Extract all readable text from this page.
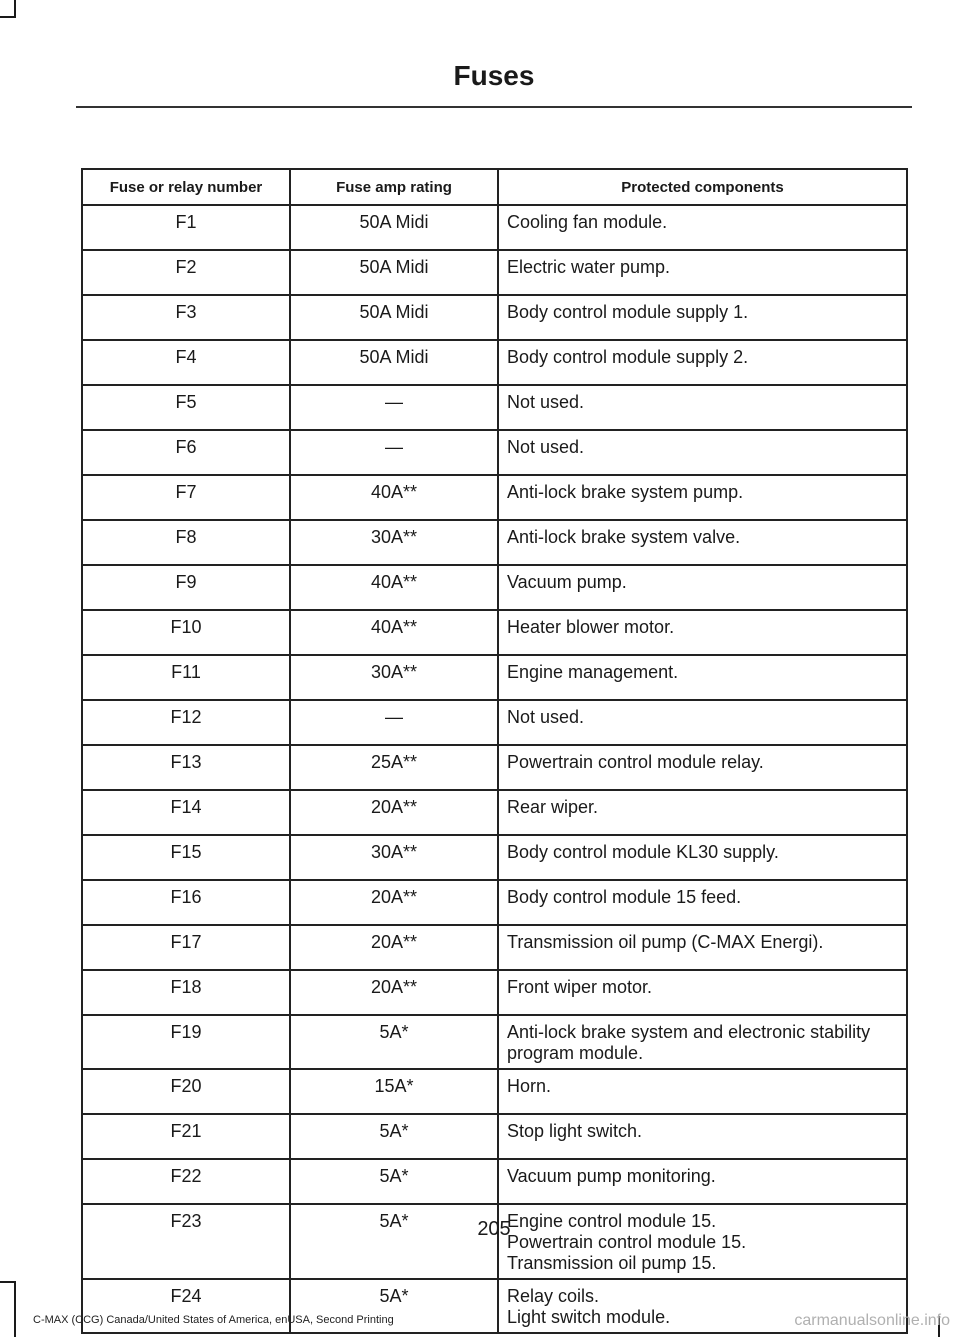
Fuses
Fuse or relay number	Fuse amp rating	Protected components
F1	50A Midi	Cooling fan module.

F2	50A Midi	Electric water pump.

F3	50A Midi	Body control module supply 1.

F4	50A Midi	Body control module supply 2.

F5	—	Not used.

F6	—	Not used.

F7	40A**	Anti-lock brake system pump.

F8	30A**	Anti-lock brake system valve.

F9	40A**	Vacuum pump.

F10	40A**	Heater blower motor.

F11	30A**	Engine management.

F12	—	Not used.

F13	25A**	Powertrain control module relay.

F14	20A**	Rear wiper.

F15	30A**	Body control module KL30 supply.

F16	20A**	Body control module 15 feed.

F17	20A**	Transmission oil pump (C-MAX Energi).

F18	20A**	Front wiper motor.

F19	5A*	Anti-lock brake system and electronic stability program module.

F20	15A*	Horn.

F21	5A*	Stop light switch.

F22	5A*	Vacuum pump monitoring.

F23	5A*	Engine control module 15.
Powertrain control module 15.
Transmission oil pump 15.

F24	5A*	Relay coils.
Light switch module.
205
C-MAX (CCG) Canada/United States of America, enUSA, Second Printing	carmanualsonline.info
